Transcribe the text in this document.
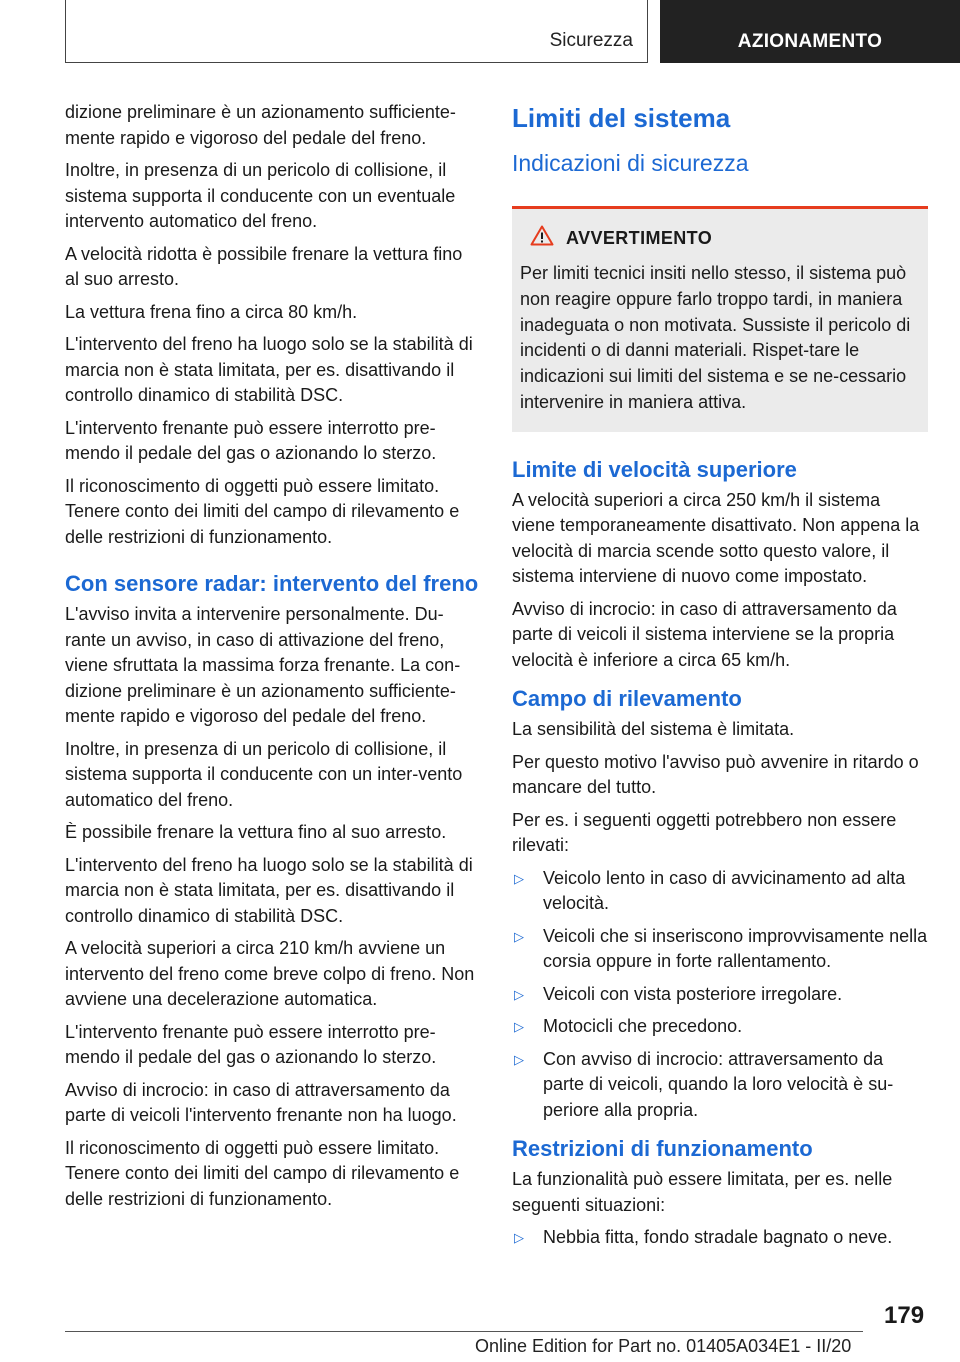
Sicurezza	AZIONAMENTO

dizione preliminare è un azionamento sufficiente-mente rapido e vigoroso del pedale del freno.

Inoltre, in presenza di un pericolo di collisione, il sistema supporta il conducente con un eventuale intervento automatico del freno.

A velocità ridotta è possibile frenare la vettura fino al suo arresto.

La vettura frena fino a circa 80 km/h.

L'intervento del freno ha luogo solo se la stabilità di marcia non è stata limitata, per es. disattivando il controllo dinamico di stabilità DSC.

L'intervento frenante può essere interrotto pre-mendo il pedale del gas o azionando lo sterzo.

Il riconoscimento di oggetti può essere limitato. Tenere conto dei limiti del campo di rilevamento e delle restrizioni di funzionamento.

Con sensore radar: intervento del freno

L'avviso invita a intervenire personalmente. Du-rante un avviso, in caso di attivazione del freno, viene sfruttata la massima forza frenante. La con-dizione preliminare è un azionamento sufficiente-mente rapido e vigoroso del pedale del freno.

Inoltre, in presenza di un pericolo di collisione, il sistema supporta il conducente con un inter-vento automatico del freno.

È possibile frenare la vettura fino al suo arresto.

L'intervento del freno ha luogo solo se la stabilità di marcia non è stata limitata, per es. disattivando il controllo dinamico di stabilità DSC.

A velocità superiori a circa 210 km/h avviene un intervento del freno come breve colpo di freno. Non avviene una decelerazione automatica.

L'intervento frenante può essere interrotto pre-mendo il pedale del gas o azionando lo sterzo.

Avviso di incrocio: in caso di attraversamento da parte di veicoli l'intervento frenante non ha luogo.

Il riconoscimento di oggetti può essere limitato. Tenere conto dei limiti del campo di rilevamento e delle restrizioni di funzionamento.

Limiti del sistema
Indicazioni di sicurezza
AVVERTIMENTO

Per limiti tecnici insiti nello stesso, il sistema può non reagire oppure farlo troppo tardi, in maniera inadeguata o non motivata. Sussiste il pericolo di incidenti o di danni materiali. Rispet-tare le indicazioni sui limiti del sistema e se ne-cessario intervenire in maniera attiva.

Limite di velocità superiore

A velocità superiori a circa 250 km/h il sistema viene temporaneamente disattivato. Non appena la velocità di marcia scende sotto questo valore, il sistema interviene di nuovo come impostato.

Avviso di incrocio: in caso di attraversamento da parte di veicoli il sistema interviene se la propria velocità è inferiore a circa 65 km/h.

Campo di rilevamento

La sensibilità del sistema è limitata.

Per questo motivo l'avviso può avvenire in ritardo o mancare del tutto.

Per es. i seguenti oggetti potrebbero non essere rilevati:

▷	Veicolo lento in caso di avvicinamento ad alta velocità.
▷	Veicoli che si inseriscono improvvisamente nella corsia oppure in forte rallentamento.
▷	Veicoli con vista posteriore irregolare.
▷	Motocicli che precedono.
▷	Con avviso di incrocio: attraversamento da parte di veicoli, quando la loro velocità è su-periore alla propria.
Restrizioni di funzionamento

La funzionalità può essere limitata, per es. nelle seguenti situazioni:

▷	Nebbia fitta, fondo stradale bagnato o neve.
179
Online Edition for Part no. 01405A034E1 - II/20
